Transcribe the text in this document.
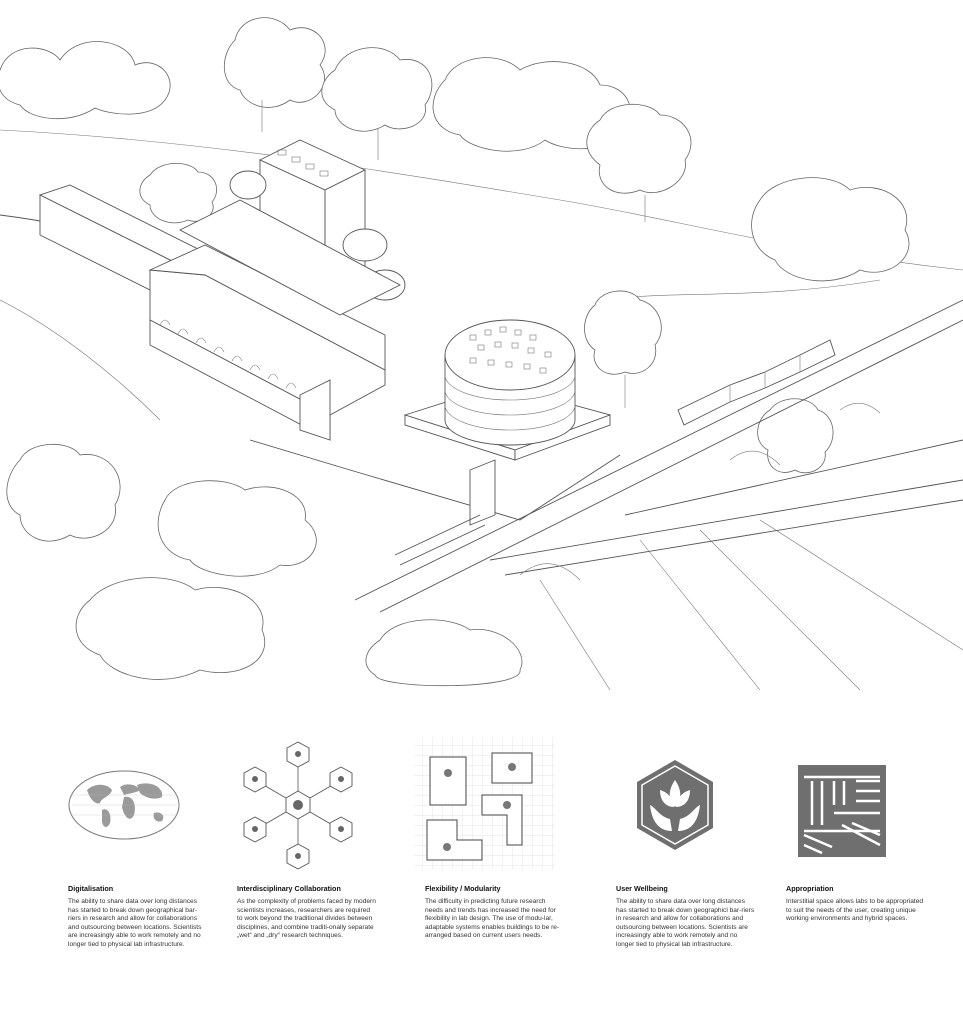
Digitalisation

The ability to share data over long distances has started to break down geographical bar-riers in research and allow for collaborations and outsourcing between locations. Scientists are increasingly able to work remotely and no longer tied to physical lab infrastructure.

Interdisciplinary Collaboration

As the complexity of problems faced by modern scientists increases, researchers are required to work beyond the traditional divides between disciplines, and combine traditi-onally separate „wet“ and „dry“ research techniques.

Flexibility / Modularity

The difficulty in predicting future research needs and trends has increased the need for flexibility in lab design. The use of modu-lar, adaptable systems enables buildings to be re-arranged based on current users needs.

User Wellbeing

The ability to share data over long distances has started to break down geographicl bar-riers in research and allow for collaborations and outsourcing between locations. Scientists are increasingly able to work remotely and no longer tied to physical lab infrastructure.

Appropriation

Interstitial space allows labs to be appropriated to suit the needs of the user, creating unique working environments and hybrid spaces.
